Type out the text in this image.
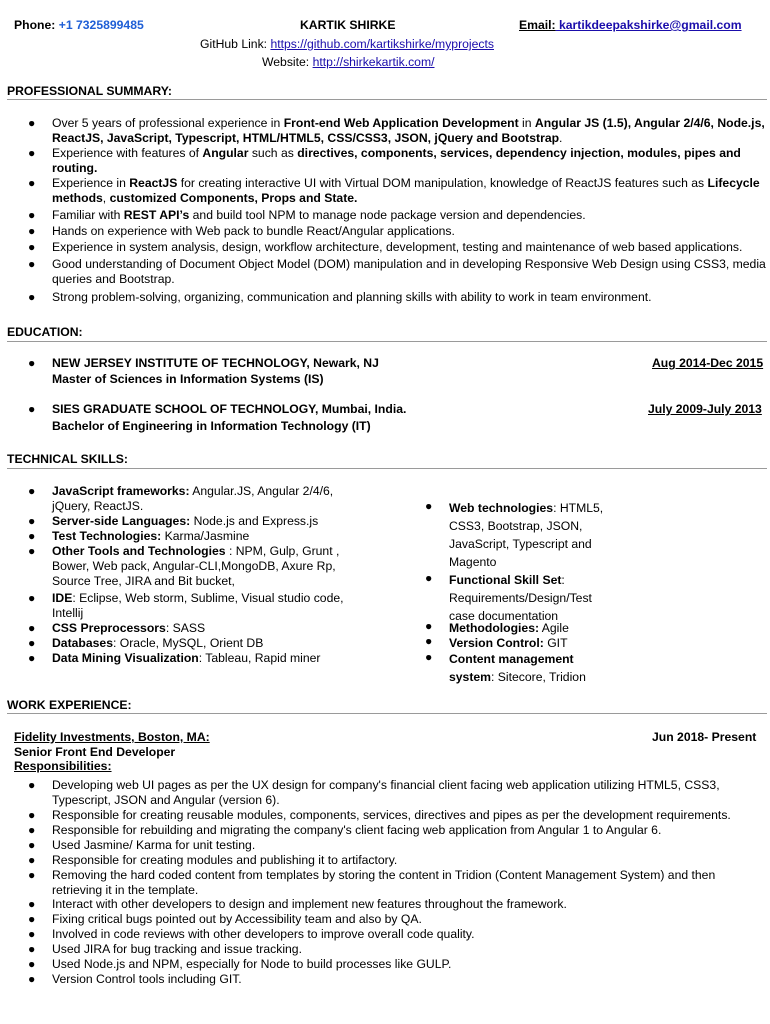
Phone: +1 7325899485	KARTIK SHIRKE	Email: kartikdeepakshirke@gmail.com
GitHub Link: https://github.com/kartikshirke/myprojects
Website: http://shirkekartik.com/
PROFESSIONAL SUMMARY:
●	Over 5 years of professional experience in Front-end Web Application Development in Angular JS (1.5), Angular 2/4/6, Node.js, ReactJS, JavaScript, Typescript, HTML/HTML5, CSS/CSS3, JSON, jQuery and Bootstrap.
●	Experience with features of Angular such as directives, components, services, dependency injection, modules, pipes and routing.
●	Experience in ReactJS for creating interactive UI with Virtual DOM manipulation, knowledge of ReactJS features such as Lifecycle methods, customized Components, Props and State.
●	Familiar with REST API’s and build tool NPM to manage node package version and dependencies.
●	Hands on experience with Web pack to bundle React/Angular applications.
●	Experience in system analysis, design, workflow architecture, development, testing and maintenance of web based applications.
●	Good understanding of Document Object Model (DOM) manipulation and in developing Responsive Web Design using CSS3, media queries and Bootstrap.
●	Strong problem-solving, organizing, communication and planning skills with ability to work in team environment.
EDUCATION:
●	NEW JERSEY INSTITUTE OF TECHNOLOGY, Newark, NJ	Aug 2014-Dec 2015
Master of Sciences in Information Systems (IS)
●	SIES GRADUATE SCHOOL OF TECHNOLOGY, Mumbai, India.	July 2009-July 2013
Bachelor of Engineering in Information Technology (IT)
TECHNICAL SKILLS:
●	JavaScript frameworks: Angular.JS, Angular 2/4/6, jQuery, ReactJS.
●	Server-side Languages: Node.js and Express.js
●	Test Technologies: Karma/Jasmine
●	Other Tools and Technologies : NPM, Gulp, Grunt , Bower, Web pack, Angular-CLI,MongoDB, Axure Rp, Source Tree, JIRA and Bit bucket,
●	IDE: Eclipse, Web storm, Sublime, Visual studio code, Intellij
●	CSS Preprocessors: SASS
●	Databases: Oracle, MySQL, Orient DB
●	Data Mining Visualization: Tableau, Rapid miner
●	Web technologies: HTML5, CSS3, Bootstrap, JSON, JavaScript, Typescript and Magento
●	Functional Skill Set: Requirements/Design/Test case documentation
●	Methodologies: Agile
●	Version Control: GIT
●	Content management system: Sitecore, Tridion
WORK EXPERIENCE:
Fidelity Investments, Boston, MA:	Jun 2018- Present
Senior Front End Developer
Responsibilities:
●	Developing web UI pages as per the UX design for company's financial client facing web application utilizing HTML5, CSS3, Typescript, JSON and Angular (version 6).
●	Responsible for creating reusable modules, components, services, directives and pipes as per the development requirements.
●	Responsible for rebuilding and migrating the company's client facing web application from Angular 1 to Angular 6.
●	Used Jasmine/ Karma for unit testing.
●	Responsible for creating modules and publishing it to artifactory.
●	Removing the hard coded content from templates by storing the content in Tridion (Content Management System) and then retrieving it in the template.
●	Interact with other developers to design and implement new features throughout the framework.
●	Fixing critical bugs pointed out by Accessibility team and also by QA.
●	Involved in code reviews with other developers to improve overall code quality.
●	Used JIRA for bug tracking and issue tracking.
●	Used Node.js and NPM, especially for Node to build processes like GULP.
●	Version Control tools including GIT.
